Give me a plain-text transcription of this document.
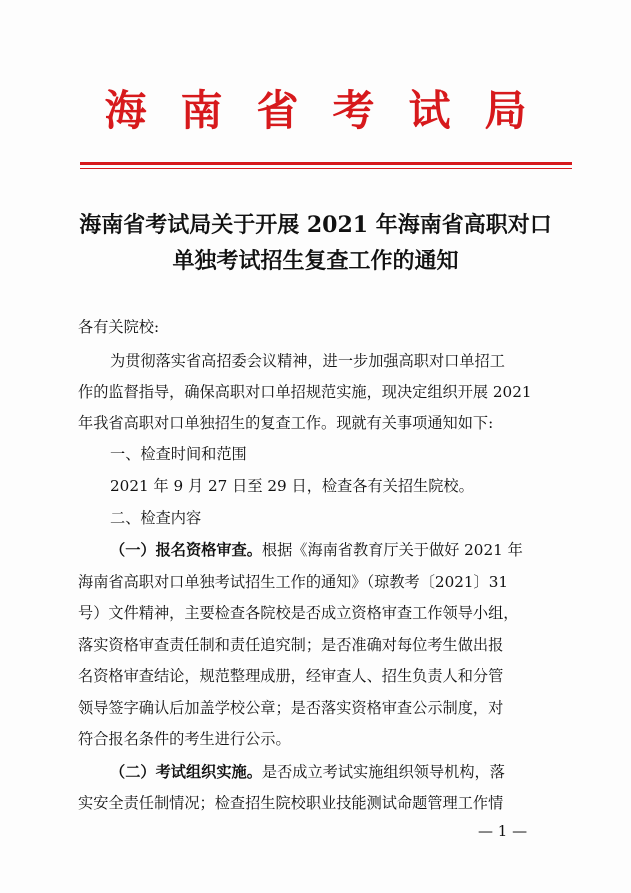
海南省考试局
海南省考试局关于开展 2021 年海南省高职对口
单独考试招生复查工作的通知
各有关院校:
为贯彻落实省高招委会议精神，进一步加强高职对口单招工
作的监督指导，确保高职对口单招规范实施，现决定组织开展 2021
年我省高职对口单独招生的复查工作。现就有关事项通知如下:
一、检查时间和范围
2021 年 9 月 27 日至 29 日，检查各有关招生院校。
二、检查内容
（一）报名资格审查。根据《海南省教育厅关于做好 2021 年
海南省高职对口单独考试招生工作的通知》（琼教考〔2021〕31
号）文件精神，主要检查各院校是否成立资格审查工作领导小组，
落实资格审查责任制和责任追究制；是否准确对每位考生做出报
名资格审查结论，规范整理成册，经审查人、招生负责人和分管
领导签字确认后加盖学校公章；是否落实资格审查公示制度，对
符合报名条件的考生进行公示。
（二）考试组织实施。是否成立考试实施组织领导机构，落
实安全责任制情况；检查招生院校职业技能测试命题管理工作情
— 1 —
